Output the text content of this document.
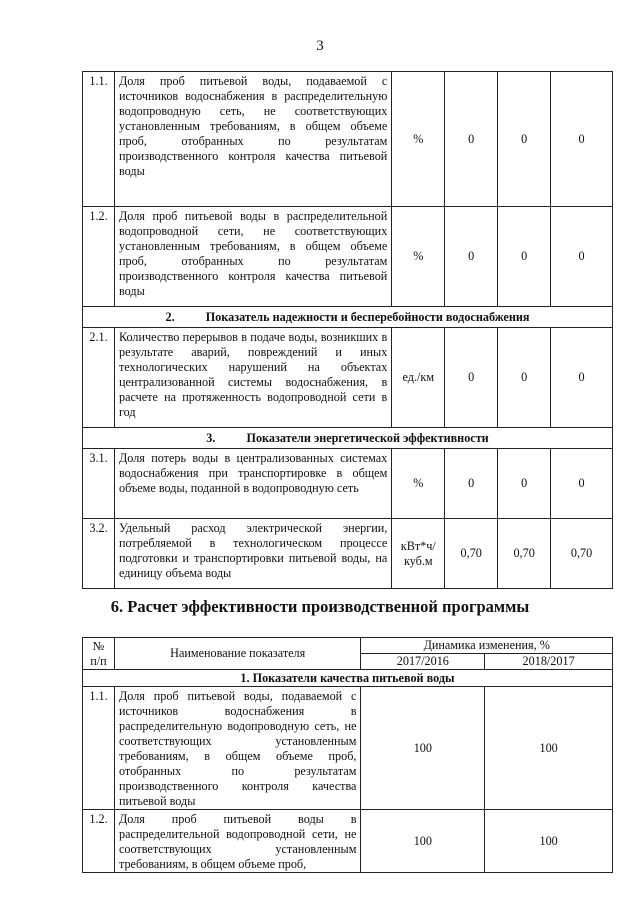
3
1.1.	Доля проб питьевой воды, подаваемой с источников водоснабжения в распределительную водопроводную сеть, не соответствующих установленным требованиям, в общем объеме проб, отобранных по результатам производственного контроля качества питьевой воды	%	0	0	0
1.2.	Доля проб питьевой воды в распределительной водопроводной сети, не соответствующих установленным требованиям, в общем объеме проб, отобранных по результатам производственного контроля качества питьевой воды	%	0	0	0
2. Показатель надежности и бесперебойности водоснабжения					
2.1.	Количество перерывов в подаче воды, возникших в результате аварий, повреждений и иных технологических нарушений на объектах централизованной системы водоснабжения, в расчете на протяженность водопроводной сети в год	ед./км	0	0	0
3. Показатели энергетической эффективности					
3.1.	Доля потерь воды в централизованных системах водоснабжения при транспортировке в общем объеме воды, поданной в водопроводную сеть	%	0	0	0
3.2.	Удельный расход электрической энергии, потребляемой в технологическом процессе подготовки и транспортировки питьевой воды, на единицу объема воды	кВт*ч/ куб.м	0,70	0,70	0,70
6. Расчет эффективности производственной программы
№ п/п	Наименование показателя	Динамика изменения, %	
		2017/2016	2018/2017
1. Показатели качества питьевой воды			
1.1.	Доля проб питьевой воды, подаваемой с источников водоснабжения в распределительную водопроводную сеть, не соответствующих установленным требованиям, в общем объеме проб, отобранных по результатам производственного контроля качества питьевой воды	100	100
1.2.	Доля проб питьевой воды в распределительной водопроводной сети, не соответствующих установленным требованиям, в общем объеме проб,	100	100
